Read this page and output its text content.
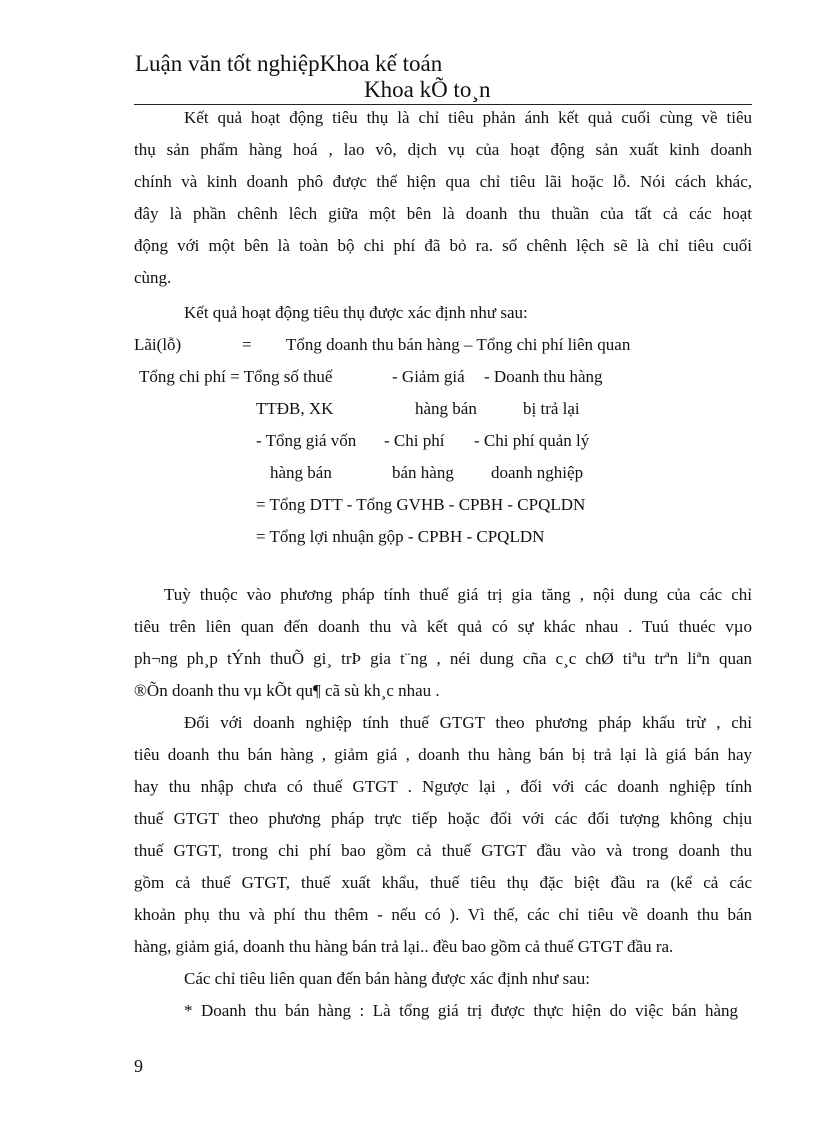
Luận văn tốt nghiệpKhoa kế toán
Khoa kÕ to¸n
Kết quả hoạt động tiêu thụ là chỉ tiêu phản ánh kết quả cuối cùng về tiêu
thụ sản phẩm hàng hoá , lao vô, dịch vụ của hoạt động sản xuất kinh doanh
chính và kinh doanh phô được thể hiện qua chỉ tiêu lãi hoặc lỗ. Nói cách khác,
đây là phần chênh lêch giữa một bên là doanh thu thuần của tất cả các hoạt
động với một bên là toàn bộ chi phí đã bỏ ra. số chênh lệch sẽ là chỉ tiêu cuối
cùng.
Kết quả hoạt động tiêu thụ được xác định như sau:
Lãi(lỗ)	= Tổng doanh thu bán hàng – Tổng chi phí liên quan
Tổng chi phí = Tổng số thuế	- Giảm giá - Doanh thu hàng
TTĐB, XK	hàng bán	bị trả lại
- Tổng giá vốn - Chi phí - Chi phí quản lý
hàng bán	bán hàng doanh nghiệp
= Tổng DTT - Tổng GVHB - CPBH - CPQLDN
= Tổng lợi nhuận gộp - CPBH - CPQLDN
Tuỳ thuộc vào phương pháp tính thuế giá trị gia tăng , nội dung của các chỉ
tiêu trên liên quan đến doanh thu và kết quả có sự khác nhau . Tuú thuéc vµo
ph¬ng ph¸p tÝnh thuÕ gi¸ trÞ gia t¨ng , néi dung cña c¸c chØ tiªu trªn liªn quan
®Õn doanh thu vµ kÕt qu¶ cã sù kh¸c nhau .
Đối với doanh nghiệp tính thuế GTGT theo phương pháp khấu trừ , chỉ
tiêu doanh thu bán hàng , giảm giá , doanh thu hàng bán bị trả lại là giá bán hay
hay thu nhập chưa có thuế GTGT . Ngược lại , đối với các doanh nghiệp tính
thuế GTGT theo phương pháp trực tiếp hoặc đối với các đối tượng không chịu
thuế GTGT, trong chi phí bao gồm cả thuế GTGT đầu vào và trong doanh thu
gồm cả thuế GTGT, thuế xuất khẩu, thuế tiêu thụ đặc biệt đầu ra (kể cả các
khoản phụ thu và phí thu thêm - nếu có ). Vì thế, các chỉ tiêu về doanh thu bán
hàng, giảm giá, doanh thu hàng bán trả lại.. đều bao gồm cả thuế GTGT đầu ra.
Các chỉ tiêu liên quan đến bán hàng được xác định như sau:
* Doanh thu bán hàng : Là tổng giá trị được thực hiện do việc bán hàng
9
